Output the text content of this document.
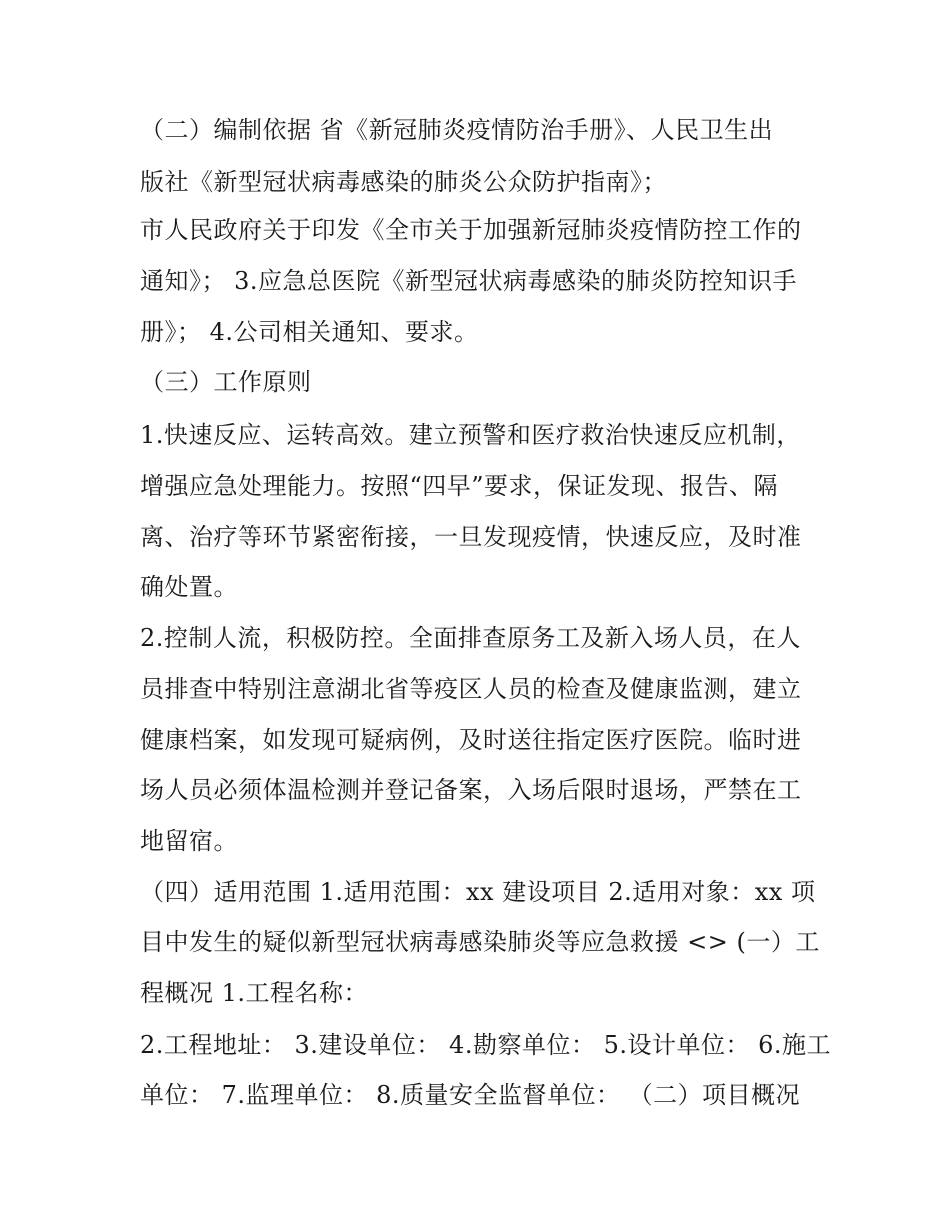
（二）编制依据 省《新冠肺炎疫情防治手册》、人民卫生出
版社《新型冠状病毒感染的肺炎公众防护指南》；
市人民政府关于印发《全市关于加强新冠肺炎疫情防控工作的
通知》； 3.应急总医院《新型冠状病毒感染的肺炎防控知识手
册》； 4.公司相关通知、要求。
（三）工作原则
1.快速反应、运转高效。建立预警和医疗救治快速反应机制，
增强应急处理能力。按照“四早”要求，保证发现、报告、隔
离、治疗等环节紧密衔接，一旦发现疫情，快速反应，及时准
确处置。
2.控制人流，积极防控。全面排查原务工及新入场人员，在人
员排查中特别注意湖北省等疫区人员的检查及健康监测，建立
健康档案，如发现可疑病例，及时送往指定医疗医院。临时进
场人员必须体温检测并登记备案，入场后限时退场，严禁在工
地留宿。
（四）适用范围 1.适用范围：xx 建设项目 2.适用对象：xx 项
目中发生的疑似新型冠状病毒感染肺炎等应急救援 <> (一）工
程概况 1.工程名称：
2.工程地址： 3.建设单位： 4.勘察单位： 5.设计单位： 6.施工
单位： 7.监理单位： 8.质量安全监督单位： （二）项目概况
